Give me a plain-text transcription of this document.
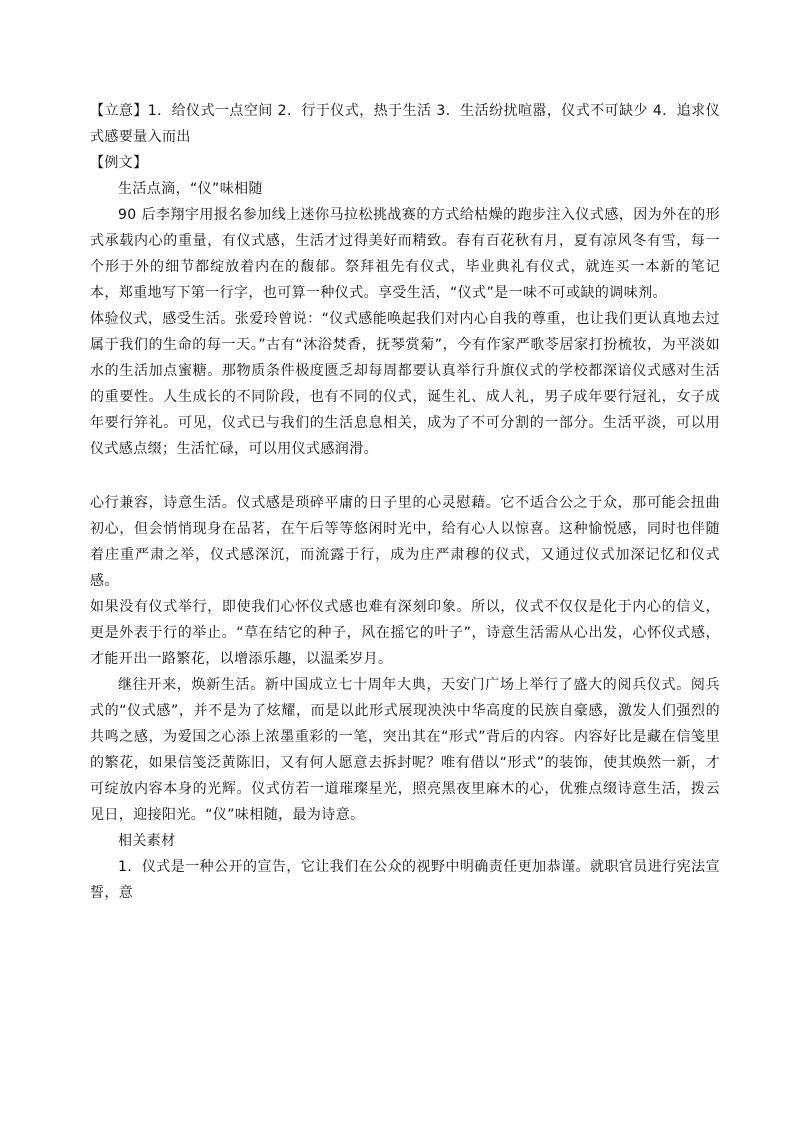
【立意】1．给仪式一点空间 2．行于仪式，热于生活 3．生活纷扰喧嚣，仪式不可缺少 4．追求仪式感要量入而出

【例文】

生活点滴，“仪”味相随

90 后李翔宇用报名参加线上迷你马拉松挑战赛的方式给枯燥的跑步注入仪式感，因为外在的形式承载内心的重量，有仪式感，生活才过得美好而精致。春有百花秋有月，夏有凉风冬有雪，每一个形于外的细节都绽放着内在的馥郁。祭拜祖先有仪式，毕业典礼有仪式，就连买一本新的笔记本，郑重地写下第一行字，也可算一种仪式。享受生活，“仪式”是一味不可或缺的调味剂。

体验仪式，感受生活。张爱玲曾说：“仪式感能唤起我们对内心自我的尊重，也让我们更认真地去过属于我们的生命的每一天。”古有“沐浴焚香，抚琴赏菊”，今有作家严歌苓居家打扮梳妆，为平淡如水的生活加点蜜糖。那物质条件极度匮乏却每周都要认真举行升旗仪式的学校都深谙仪式感对生活的重要性。人生成长的不同阶段，也有不同的仪式，诞生礼、成人礼，男子成年要行冠礼，女子成年要行笄礼。可见，仪式已与我们的生活息息相关，成为了不可分割的一部分。生活平淡，可以用仪式感点缀；生活忙碌，可以用仪式感润滑。

心行兼容，诗意生活。仪式感是琐碎平庸的日子里的心灵慰藉。它不适合公之于众，那可能会扭曲初心，但会悄悄现身在品茗，在午后等等悠闲时光中，给有心人以惊喜。这种愉悦感，同时也伴随着庄重严肃之举，仪式感深沉，而流露于行，成为庄严肃穆的仪式，又通过仪式加深记忆和仪式感。

如果没有仪式举行，即使我们心怀仪式感也难有深刻印象。所以，仪式不仅仅是化于内心的信义，更是外表于行的举止。“草在结它的种子，风在摇它的叶子”，诗意生活需从心出发，心怀仪式感，才能开出一路繁花，以增添乐趣，以温柔岁月。

继往开来，焕新生活。新中国成立七十周年大典，天安门广场上举行了盛大的阅兵仪式。阅兵式的“仪式感”，并不是为了炫耀，而是以此形式展现泱泱中华高度的民族自豪感，激发人们强烈的共鸣之感，为爱国之心添上浓墨重彩的一笔，突出其在“形式”背后的内容。内容好比是藏在信笺里的繁花，如果信笺泛黄陈旧，又有何人愿意去拆封呢？唯有借以“形式”的装饰，使其焕然一新，才可绽放内容本身的光辉。仪式仿若一道璀璨星光，照亮黑夜里麻木的心，优雅点缀诗意生活，拨云见日，迎接阳光。“仪”味相随，最为诗意。

相关素材

1．仪式是一种公开的宣告，它让我们在公众的视野中明确责任更加恭谨。就职官员进行宪法宣誓，意
